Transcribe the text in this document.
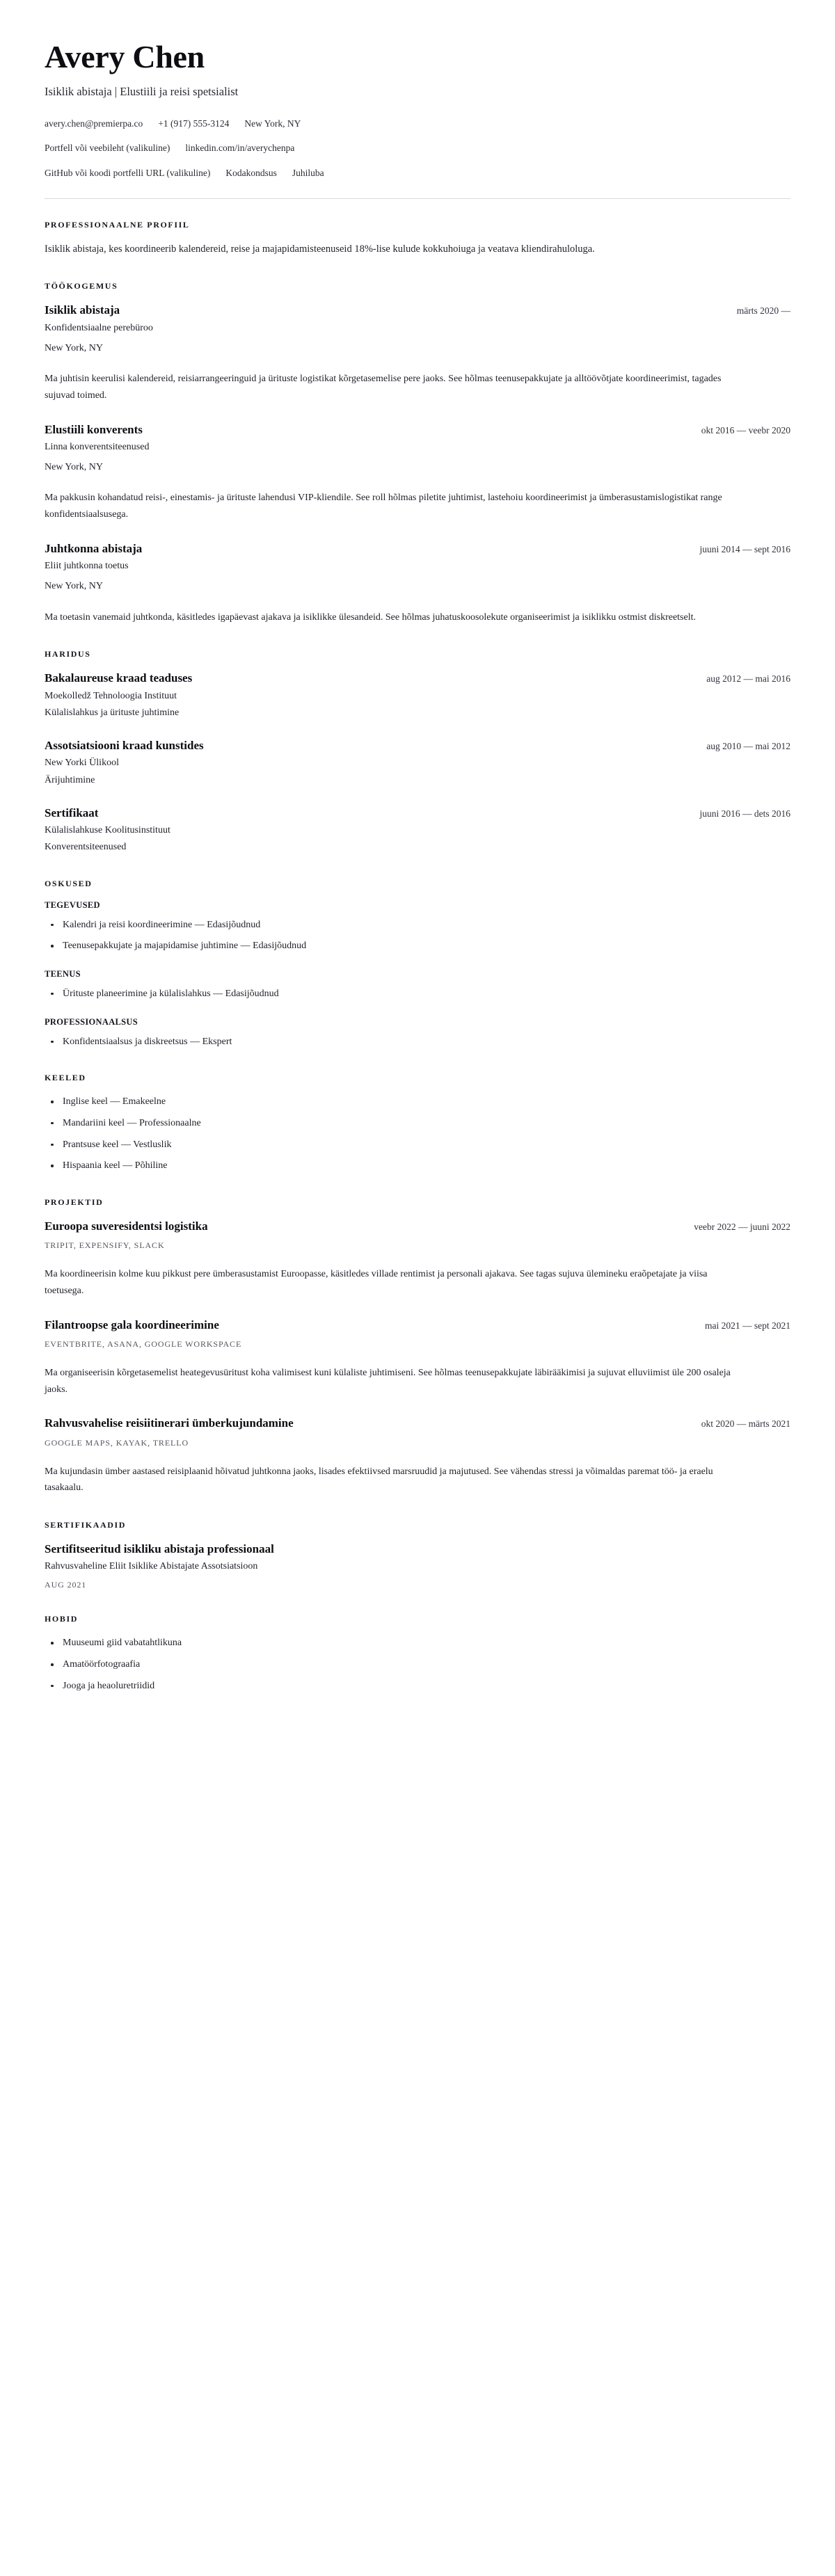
Avery Chen
Isiklik abistaja | Elustiili ja reisi spetsialist
avery.chen@premierpa.co +1 (917) 555-3124 New York, NY
Portfell või veebileht (valikuline) linkedin.com/in/averychenpa
GitHub või koodi portfelli URL (valikuline) Kodakondsus Juhiluba
PROFESSIONAALNE PROFIIL

Isiklik abistaja, kes koordineerib kalendereid, reise ja majapidamisteenuseid 18%-lise kulude kokkuhoiuga ja veatava kliendirahuloluga.

TÖÖKOGEMUS
Isiklik abistaja	märts 2020 —
Konfidentsiaalne perebüroo
New York, NY
Ma juhtisin keerulisi kalendereid, reisiarrangeeringuid ja ürituste logistikat kõrgetasemelise pere jaoks. See hõlmas teenusepakkujate ja alltöövõtjate koordineerimist, tagades sujuvad toimed.
Elustiili konverents	okt 2016 — veebr 2020
Linna konverentsiteenused
New York, NY
Ma pakkusin kohandatud reisi-, einestamis- ja ürituste lahendusi VIP-kliendile. See roll hõlmas piletite juhtimist, lastehoiu koordineerimist ja ümberasustamislogistikat range konfidentsiaalsusega.
Juhtkonna abistaja	juuni 2014 — sept 2016
Eliit juhtkonna toetus
New York, NY
Ma toetasin vanemaid juhtkonda, käsitledes igapäevast ajakava ja isiklikke ülesandeid. See hõlmas juhatuskoosolekute organiseerimist ja isiklikku ostmist diskreetselt.
HARIDUS
Bakalaureuse kraad teaduses	aug 2012 — mai 2016
Moekolledž Tehnoloogia Instituut
Külalislahkus ja ürituste juhtimine
Assotsiatsiooni kraad kunstides	aug 2010 — mai 2012
New Yorki Ülikool
Ärijuhtimine
Sertifikaat	juuni 2016 — dets 2016
Külalislahkuse Koolitusinstituut
Konverentsiteenused
OSKUSED
TEGEVUSED
Kalendri ja reisi koordineerimine — Edasijõudnud
Teenusepakkujate ja majapidamise juhtimine — Edasijõudnud
TEENUS
Ürituste planeerimine ja külalislahkus — Edasijõudnud
PROFESSIONAALSUS
Konfidentsiaalsus ja diskreetsus — Ekspert
KEELED
Inglise keel — Emakeelne
Mandariini keel — Professionaalne
Prantsuse keel — Vestluslik
Hispaania keel — Põhiline
PROJEKTID
Euroopa suveresidentsi logistika	veebr 2022 — juuni 2022
TRIPIT, EXPENSIFY, SLACK
Ma koordineerisin kolme kuu pikkust pere ümberasustamist Euroopasse, käsitledes villade rentimist ja personali ajakava. See tagas sujuva ülemineku eraõpetajate ja viisa toetusega.
Filantroopse gala koordineerimine	mai 2021 — sept 2021
EVENTBRITE, ASANA, GOOGLE WORKSPACE
Ma organiseerisin kõrgetasemelist heategevusüritust koha valimisest kuni külaliste juhtimiseni. See hõlmas teenusepakkujate läbirääkimisi ja sujuvat elluviimist üle 200 osaleja jaoks.
Rahvusvahelise reisiitinerari ümberkujundamine	okt 2020 — märts 2021
GOOGLE MAPS, KAYAK, TRELLO
Ma kujundasin ümber aastased reisiplaanid hõivatud juhtkonna jaoks, lisades efektiivsed marsruudid ja majutused. See vähendas stressi ja võimaldas paremat töö- ja eraelu tasakaalu.
SERTIFIKAADID
Sertifitseeritud isikliku abistaja professionaal
Rahvusvaheline Eliit Isiklike Abistajate Assotsiatsioon
AUG 2021
HOBID
Muuseumi giid vabatahtlikuna
Amatöörfotograafia
Jooga ja heaoluretriidid
